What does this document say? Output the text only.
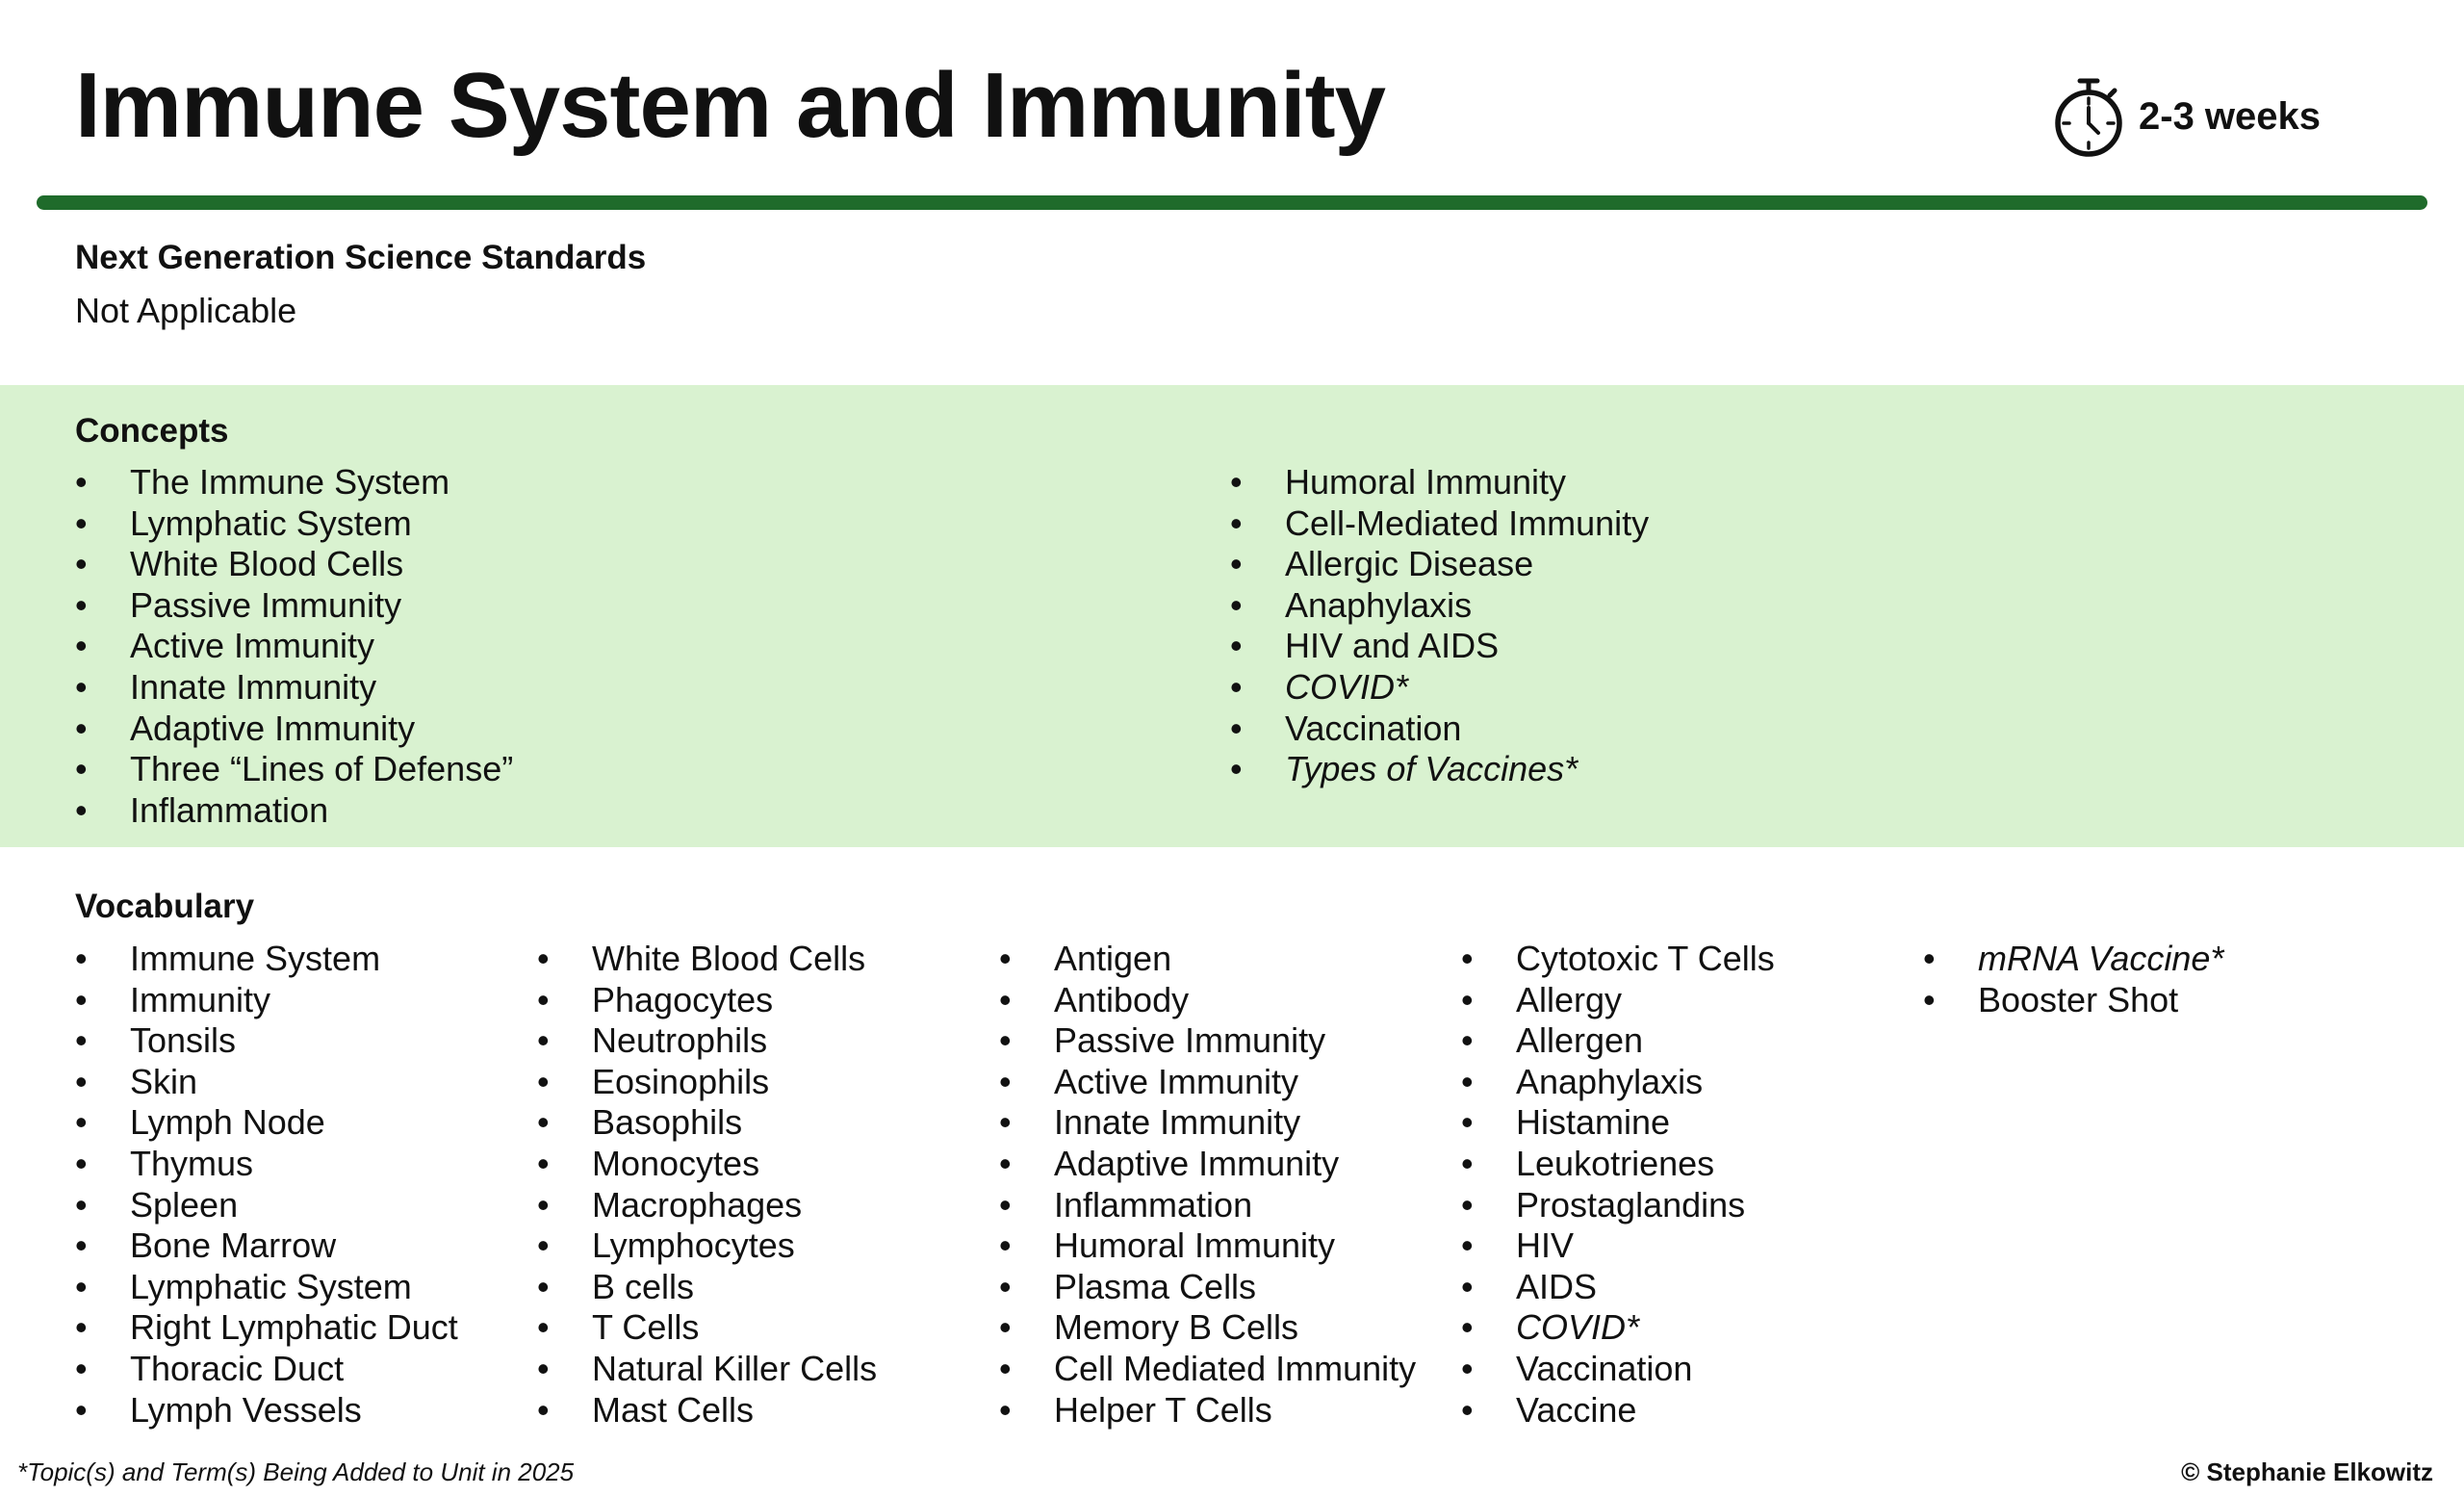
Immune System and Immunity	2-3 weeks
Next Generation Science Standards
Not Applicable
Concepts
• The Immune System
• Lymphatic System
• White Blood Cells
• Passive Immunity
• Active Immunity
• Innate Immunity
• Adaptive Immunity
• Three “Lines of Defense”
• Inflammation
• Humoral Immunity
• Cell-Mediated Immunity
• Allergic Disease
• Anaphylaxis
• HIV and AIDS
• COVID*
• Vaccination
• Types of Vaccines*
Vocabulary
• Immune System
• Immunity
• Tonsils
• Skin
• Lymph Node
• Thymus
• Spleen
• Bone Marrow
• Lymphatic System
• Right Lymphatic Duct
• Thoracic Duct
• Lymph Vessels
• White Blood Cells
• Phagocytes
• Neutrophils
• Eosinophils
• Basophils
• Monocytes
• Macrophages
• Lymphocytes
• B cells
• T Cells
• Natural Killer Cells
• Mast Cells
• Antigen
• Antibody
• Passive Immunity
• Active Immunity
• Innate Immunity
• Adaptive Immunity
• Inflammation
• Humoral Immunity
• Plasma Cells
• Memory B Cells
• Cell Mediated Immunity
• Helper T Cells
• Cytotoxic T Cells
• Allergy
• Allergen
• Anaphylaxis
• Histamine
• Leukotrienes
• Prostaglandins
• HIV
• AIDS
• COVID*
• Vaccination
• Vaccine
• mRNA Vaccine*
• Booster Shot
*Topic(s) and Term(s) Being Added to Unit in 2025	© Stephanie Elkowitz
